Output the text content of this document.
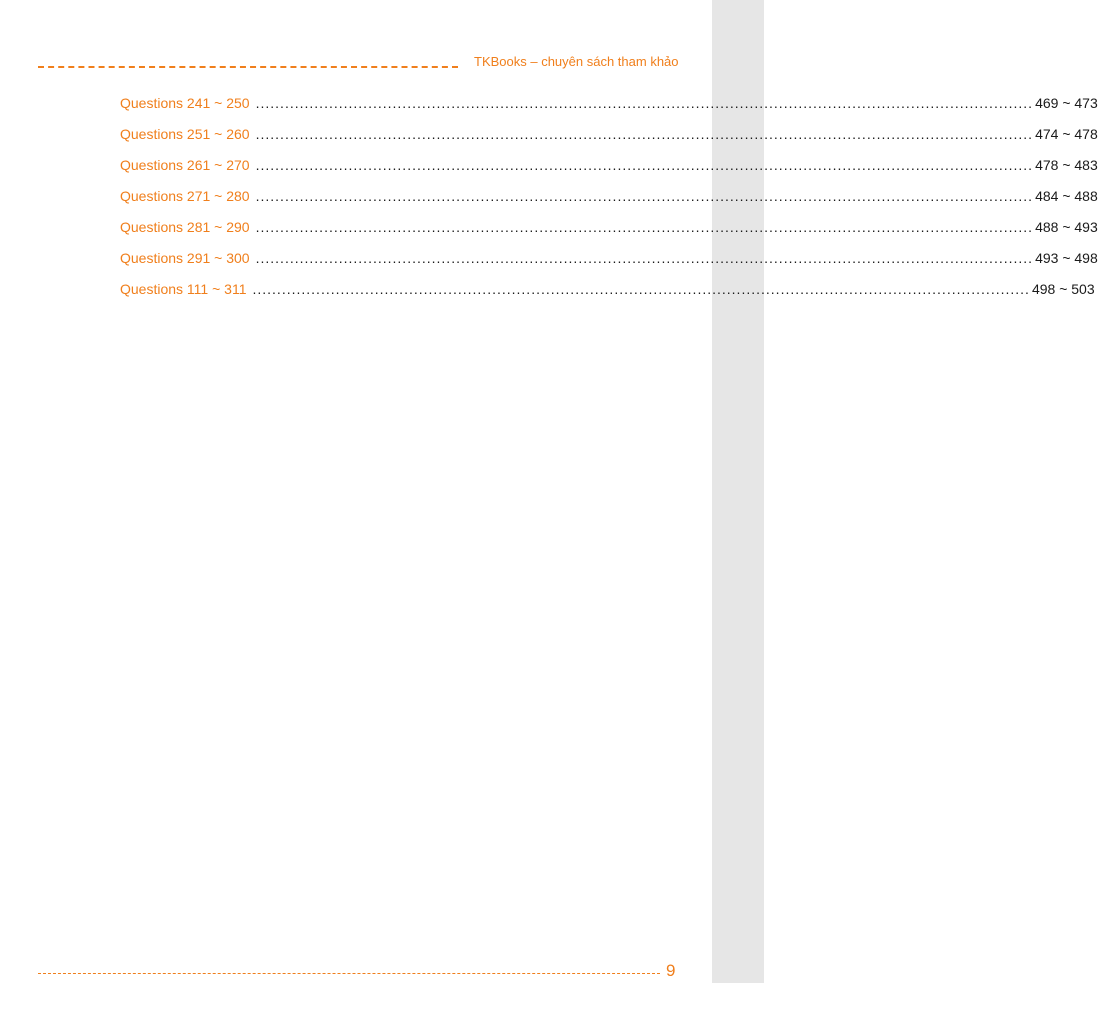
TKBooks – chuyên sách tham khảo
Questions 241 ~ 250 ............................................................................................................................................................... 469 ~ 473
Questions 251 ~ 260 ............................................................................................................................................................... 474 ~ 478
Questions 261 ~ 270 ............................................................................................................................................................... 478 ~ 483
Questions 271 ~ 280 ............................................................................................................................................................... 484 ~ 488
Questions 281 ~ 290 ............................................................................................................................................................... 488 ~ 493
Questions 291 ~ 300 ............................................................................................................................................................... 493 ~ 498
Questions 111 ~ 311 ............................................................................................................................................................... 498 ~ 503
9
